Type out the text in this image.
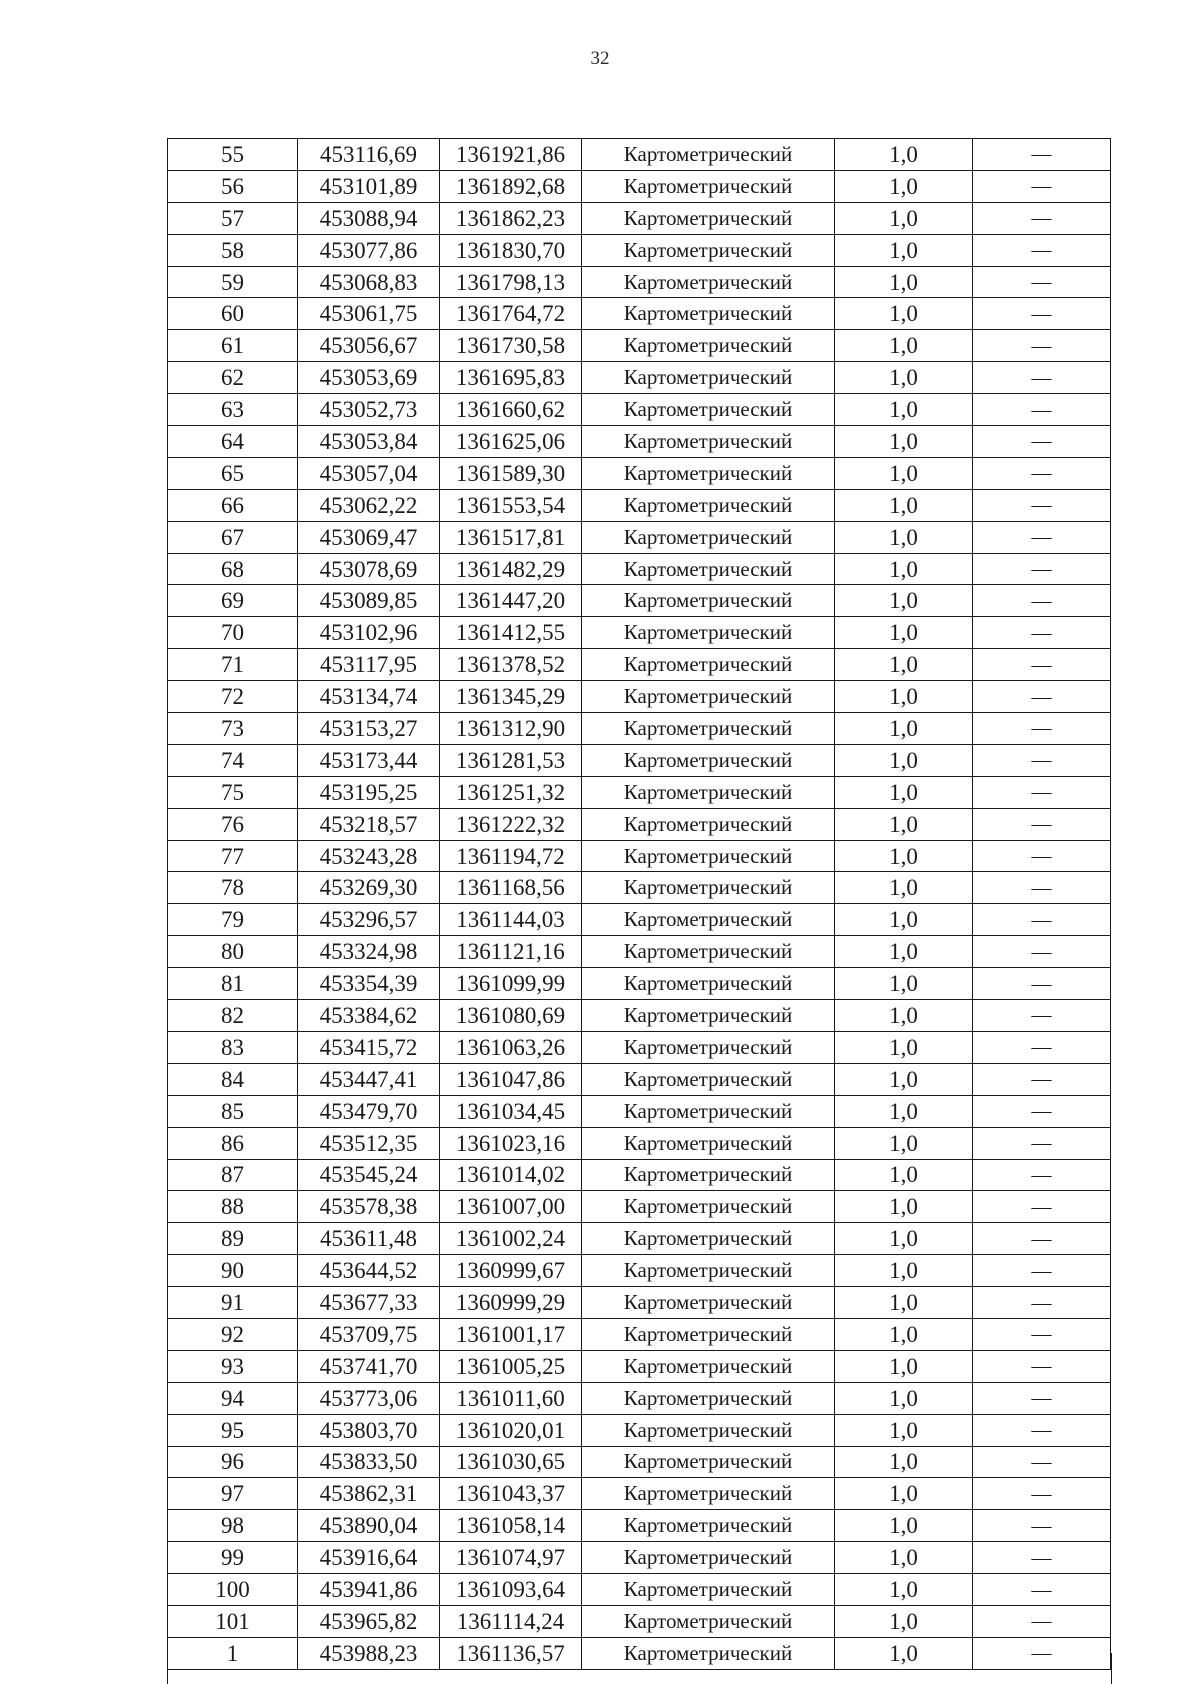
32
55	453116,69	1361921,86	Картометрический	1,0	—
56	453101,89	1361892,68	Картометрический	1,0	—
57	453088,94	1361862,23	Картометрический	1,0	—
58	453077,86	1361830,70	Картометрический	1,0	—
59	453068,83	1361798,13	Картометрический	1,0	—
60	453061,75	1361764,72	Картометрический	1,0	—
61	453056,67	1361730,58	Картометрический	1,0	—
62	453053,69	1361695,83	Картометрический	1,0	—
63	453052,73	1361660,62	Картометрический	1,0	—
64	453053,84	1361625,06	Картометрический	1,0	—
65	453057,04	1361589,30	Картометрический	1,0	—
66	453062,22	1361553,54	Картометрический	1,0	—
67	453069,47	1361517,81	Картометрический	1,0	—
68	453078,69	1361482,29	Картометрический	1,0	—
69	453089,85	1361447,20	Картометрический	1,0	—
70	453102,96	1361412,55	Картометрический	1,0	—
71	453117,95	1361378,52	Картометрический	1,0	—
72	453134,74	1361345,29	Картометрический	1,0	—
73	453153,27	1361312,90	Картометрический	1,0	—
74	453173,44	1361281,53	Картометрический	1,0	—
75	453195,25	1361251,32	Картометрический	1,0	—
76	453218,57	1361222,32	Картометрический	1,0	—
77	453243,28	1361194,72	Картометрический	1,0	—
78	453269,30	1361168,56	Картометрический	1,0	—
79	453296,57	1361144,03	Картометрический	1,0	—
80	453324,98	1361121,16	Картометрический	1,0	—
81	453354,39	1361099,99	Картометрический	1,0	—
82	453384,62	1361080,69	Картометрический	1,0	—
83	453415,72	1361063,26	Картометрический	1,0	—
84	453447,41	1361047,86	Картометрический	1,0	—
85	453479,70	1361034,45	Картометрический	1,0	—
86	453512,35	1361023,16	Картометрический	1,0	—
87	453545,24	1361014,02	Картометрический	1,0	—
88	453578,38	1361007,00	Картометрический	1,0	—
89	453611,48	1361002,24	Картометрический	1,0	—
90	453644,52	1360999,67	Картометрический	1,0	—
91	453677,33	1360999,29	Картометрический	1,0	—
92	453709,75	1361001,17	Картометрический	1,0	—
93	453741,70	1361005,25	Картометрический	1,0	—
94	453773,06	1361011,60	Картометрический	1,0	—
95	453803,70	1361020,01	Картометрический	1,0	—
96	453833,50	1361030,65	Картометрический	1,0	—
97	453862,31	1361043,37	Картометрический	1,0	—
98	453890,04	1361058,14	Картометрический	1,0	—
99	453916,64	1361074,97	Картометрический	1,0	—
100	453941,86	1361093,64	Картометрический	1,0	—
101	453965,82	1361114,24	Картометрический	1,0	—
1	453988,23	1361136,57	Картометрический	1,0	—
